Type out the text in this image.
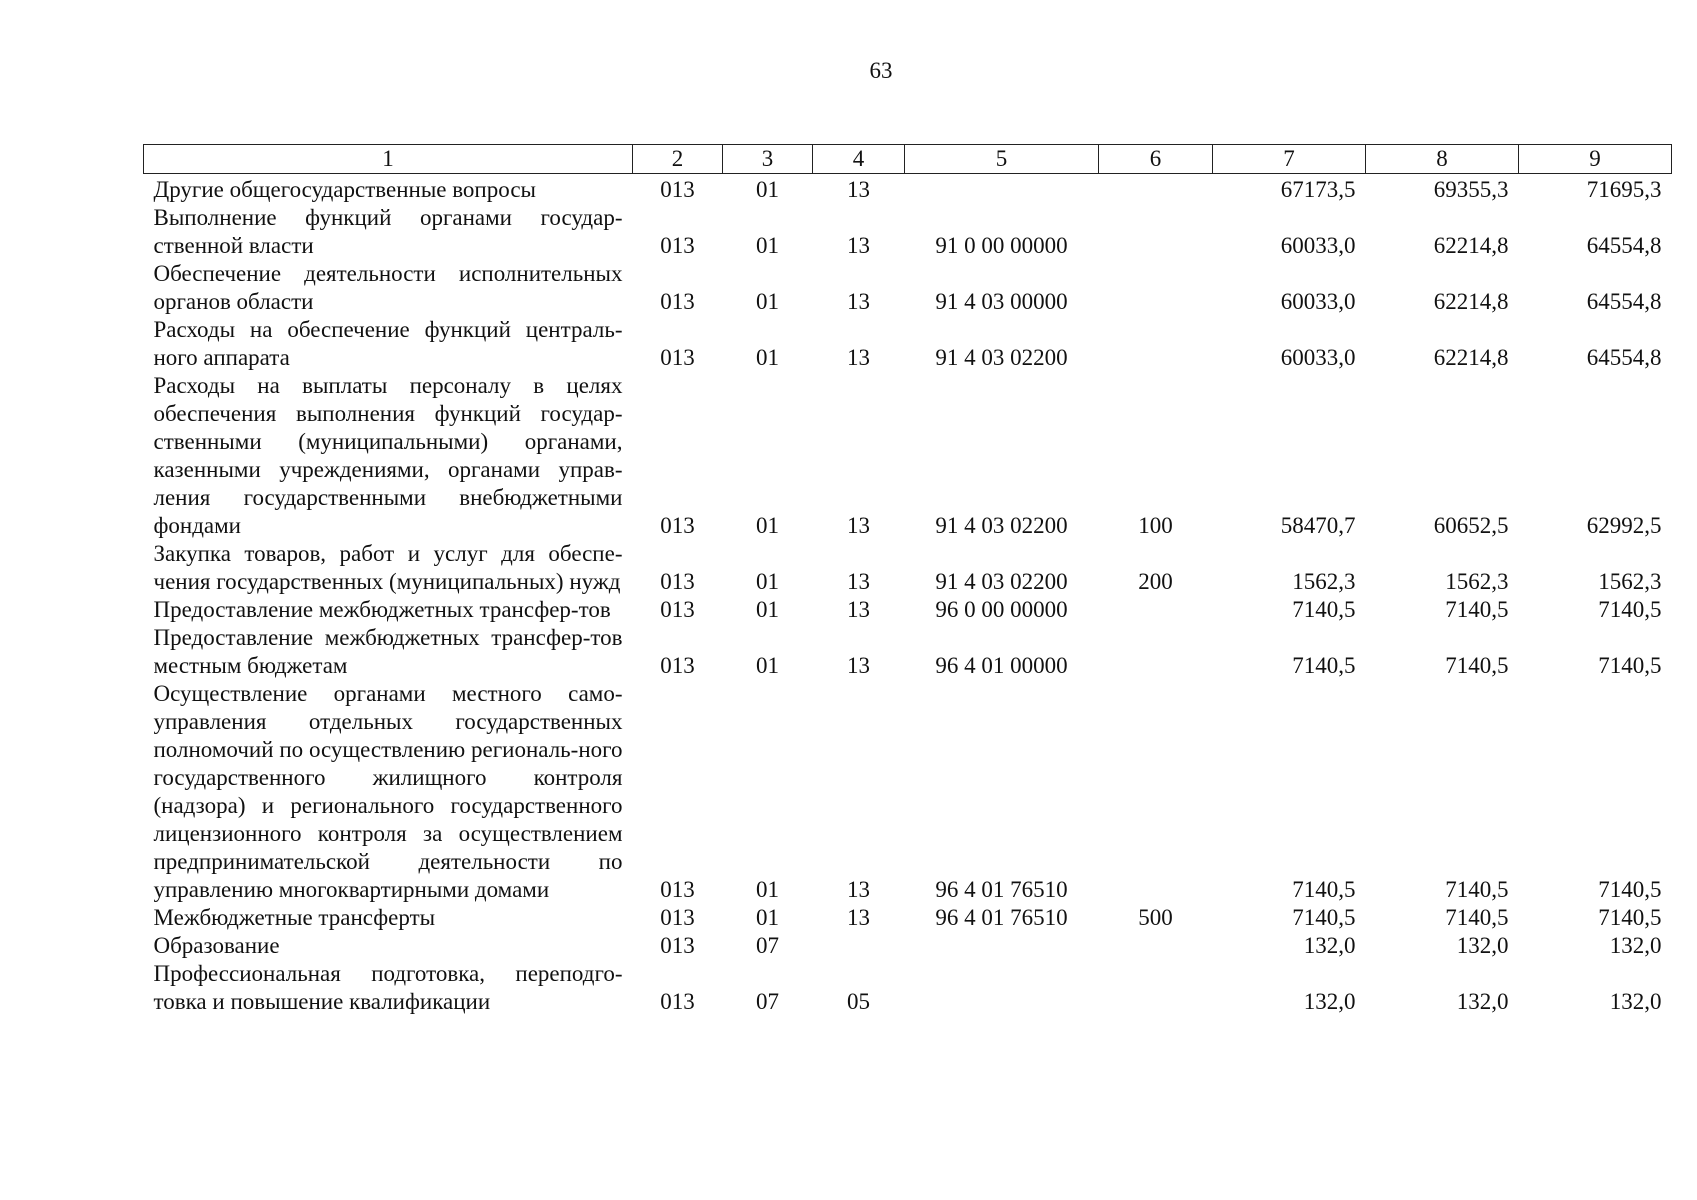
63
1	2	3	4	5	6	7	8	9
Другие общегосударственные вопросы	013	01	13			67173,5	69355,3	71695,3
Выполнение функций органами государ-ственной власти	013	01	13	91 0 00 00000		60033,0	62214,8	64554,8
Обеспечение деятельности исполнительных органов области	013	01	13	91 4 03 00000		60033,0	62214,8	64554,8
Расходы на обеспечение функций централь-ного аппарата	013	01	13	91 4 03 02200		60033,0	62214,8	64554,8
Расходы на выплаты персоналу в целях обеспечения выполнения функций государ-ственными (муниципальными) органами, казенными учреждениями, органами управ-ления государственными внебюджетными фондами	013	01	13	91 4 03 02200	100	58470,7	60652,5	62992,5
Закупка товаров, работ и услуг для обеспе-чения государственных (муниципальных) нужд	013	01	13	91 4 03 02200	200	1562,3	1562,3	1562,3
Предоставление межбюджетных трансфер-тов	013	01	13	96 0 00 00000		7140,5	7140,5	7140,5
Предоставление межбюджетных трансфер-тов местным бюджетам	013	01	13	96 4 01 00000		7140,5	7140,5	7140,5
Осуществление органами местного само-управления отдельных государственных полномочий по осуществлению региональ-ного государственного жилищного контроля (надзора) и регионального государственного лицензионного контроля за осуществлением предпринимательской деятельности по управлению многоквартирными домами	013	01	13	96 4 01 76510		7140,5	7140,5	7140,5
Межбюджетные трансферты	013	01	13	96 4 01 76510	500	7140,5	7140,5	7140,5
Образование	013	07				132,0	132,0	132,0
Профессиональная подготовка, переподго-товка и повышение квалификации	013	07	05			132,0	132,0	132,0
